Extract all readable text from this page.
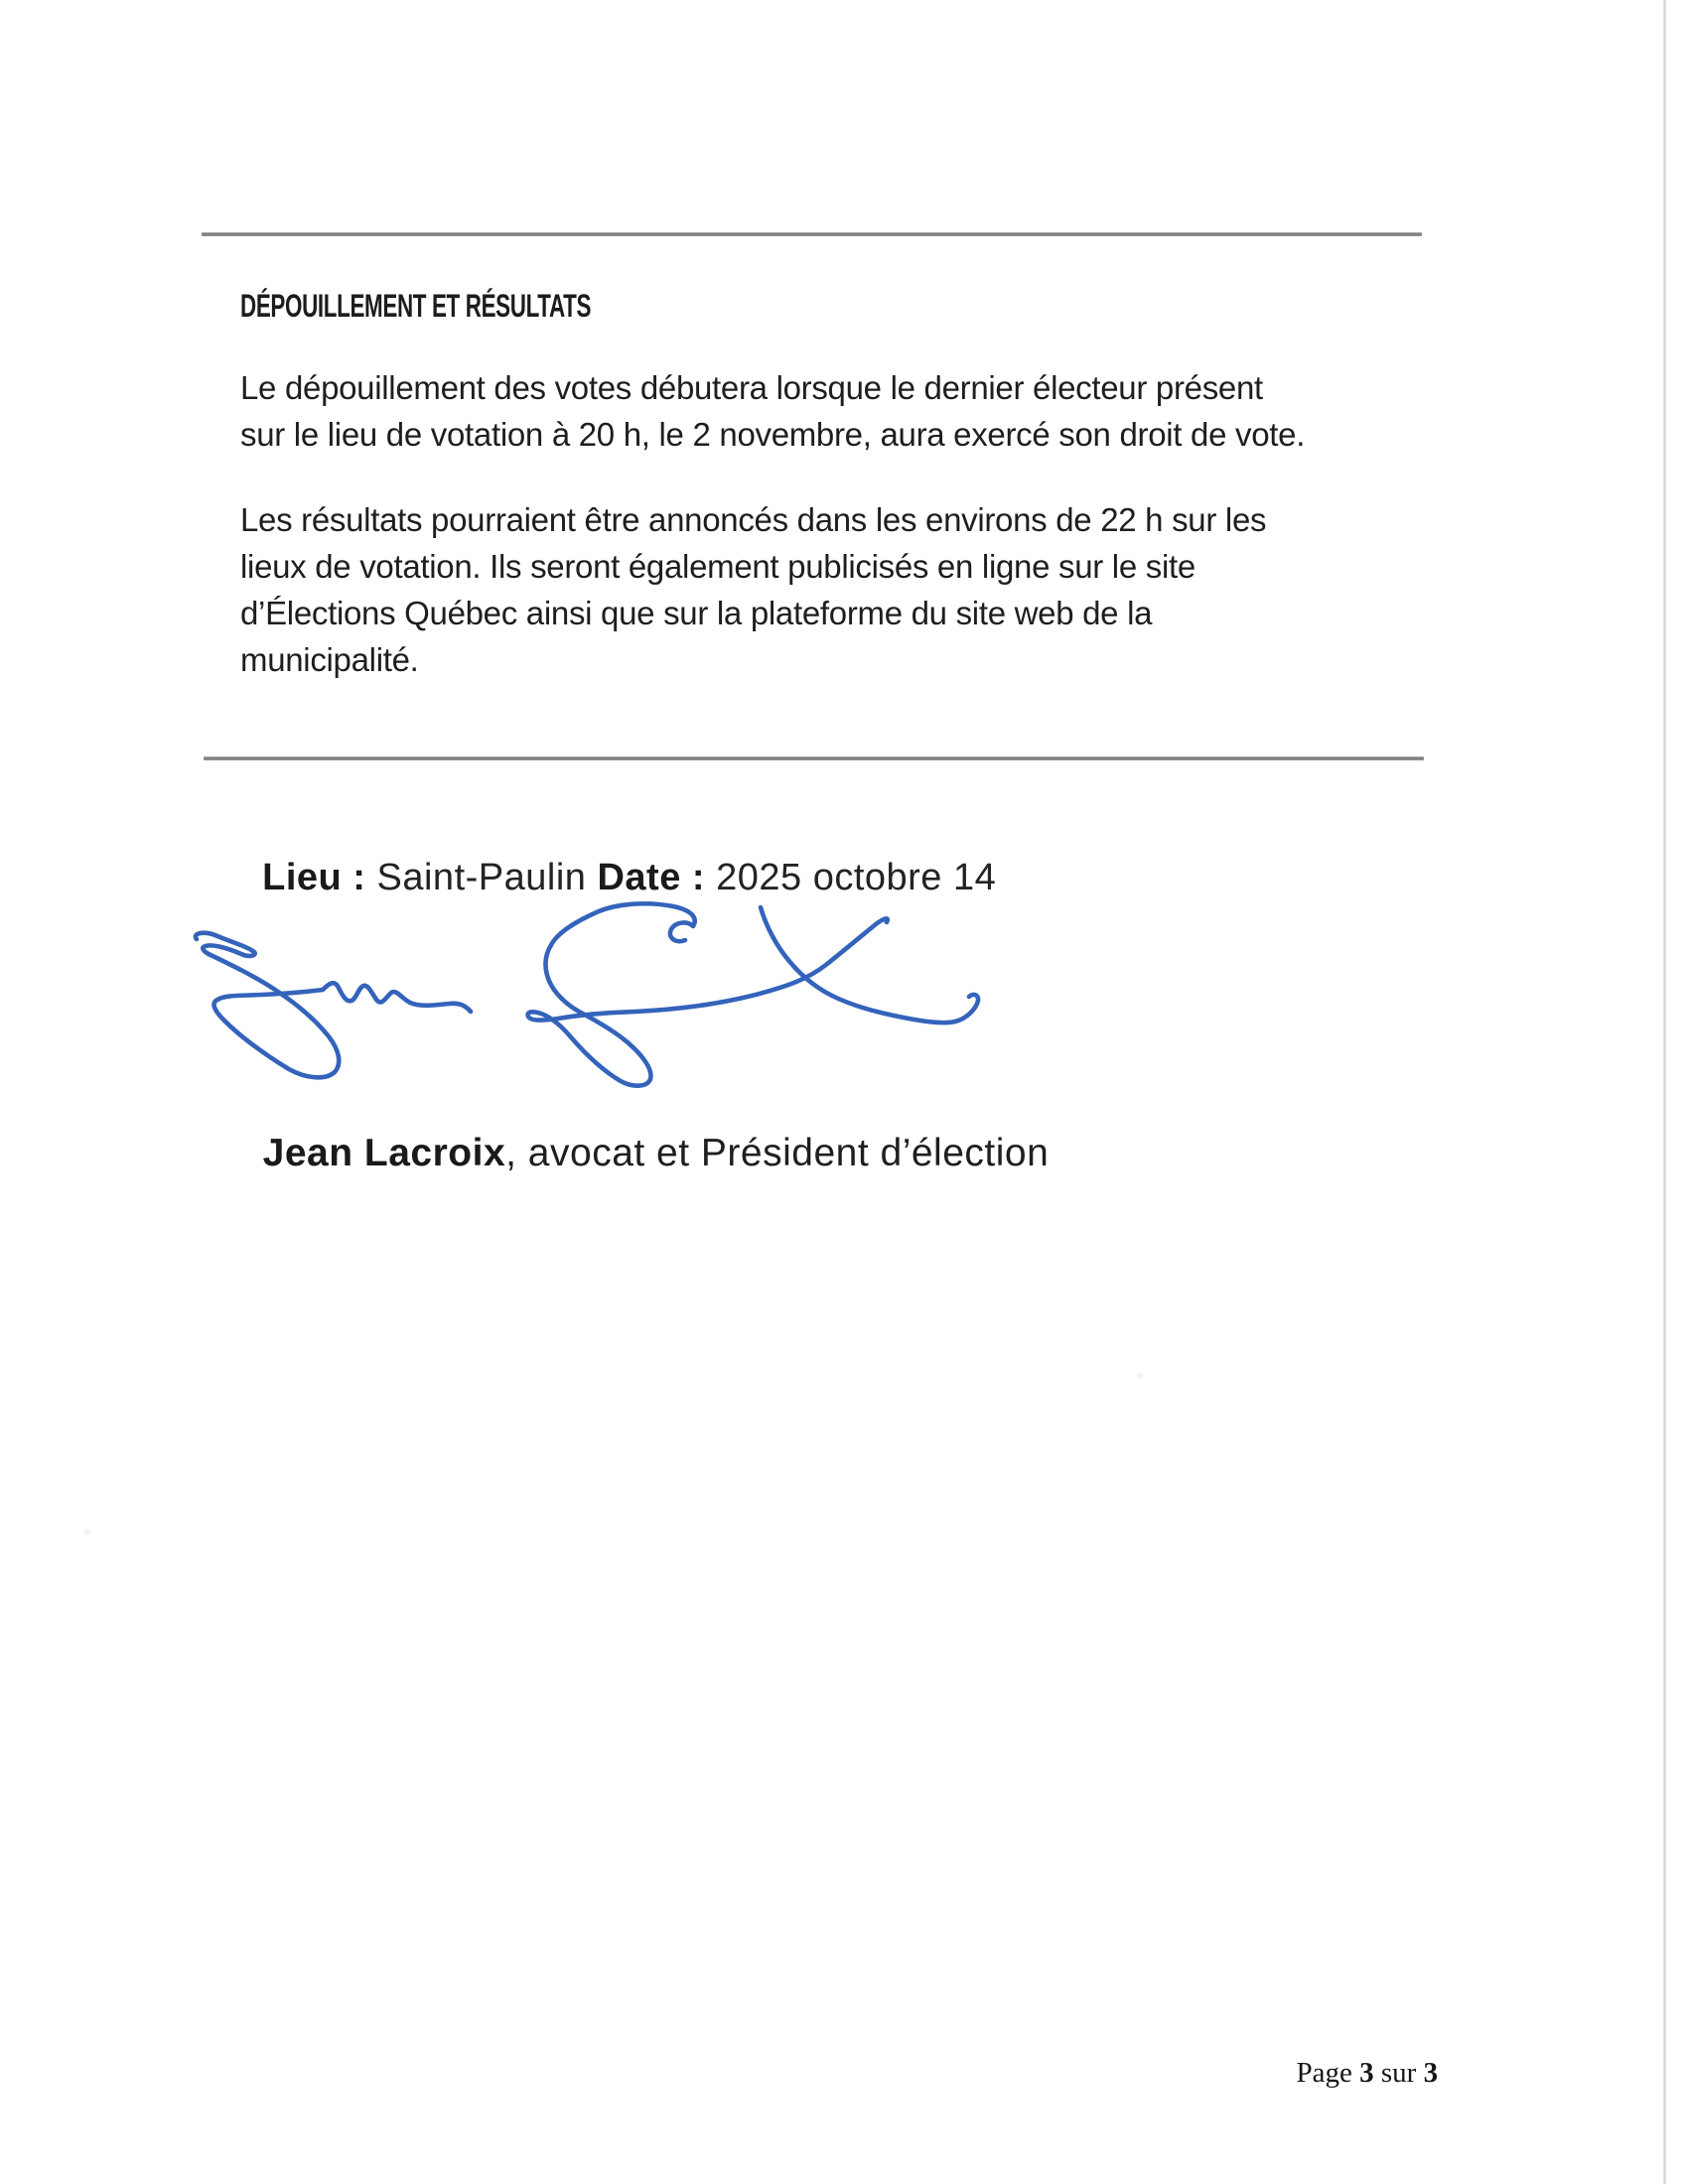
DÉPOUILLEMENT ET RÉSULTATS
Le dépouillement des votes débutera lorsque le dernier électeur présent
sur le lieu de votation à 20 h, le 2 novembre, aura exercé son droit de vote.
Les résultats pourraient être annoncés dans les environs de 22 h sur les
lieux de votation. Ils seront également publicisés en ligne sur le site
d’Élections Québec ainsi que sur la plateforme du site web de la
municipalité.

Lieu : Saint-Paulin Date : 2025 octobre 14

Jean Lacroix, avocat et Président d’élection

Page 3 sur 3
